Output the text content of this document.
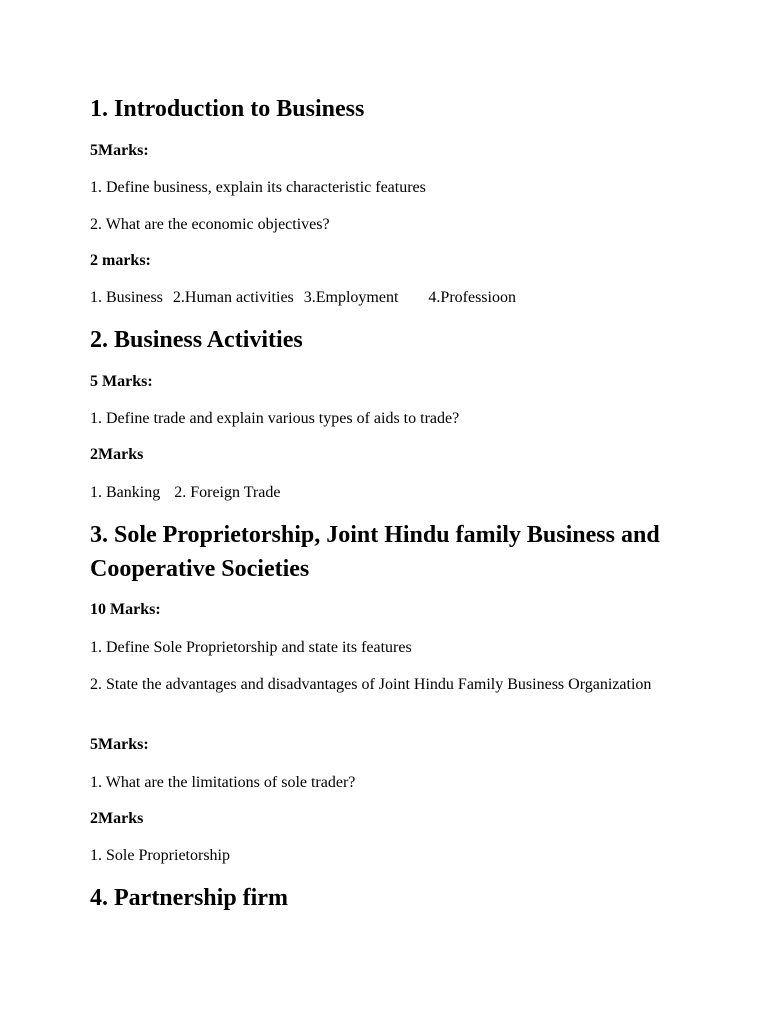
1. Introduction to Business
5Marks:

1. Define business, explain its characteristic features

2. What are the economic objectives?

2 marks:
1. Business 2.Human activities 3.Employment 4.Professioon
2. Business Activities
5 Marks:

1. Define trade and explain various types of aids to trade?

2Marks
1. Banking 2. Foreign Trade
3. Sole Proprietorship, Joint Hindu family Business and Cooperative Societies
10 Marks:

1. Define Sole Proprietorship and state its features

2. State the advantages and disadvantages of Joint Hindu Family Business Organization

5Marks:

1. What are the limitations of sole trader?

2Marks

1. Sole Proprietorship

4. Partnership firm
